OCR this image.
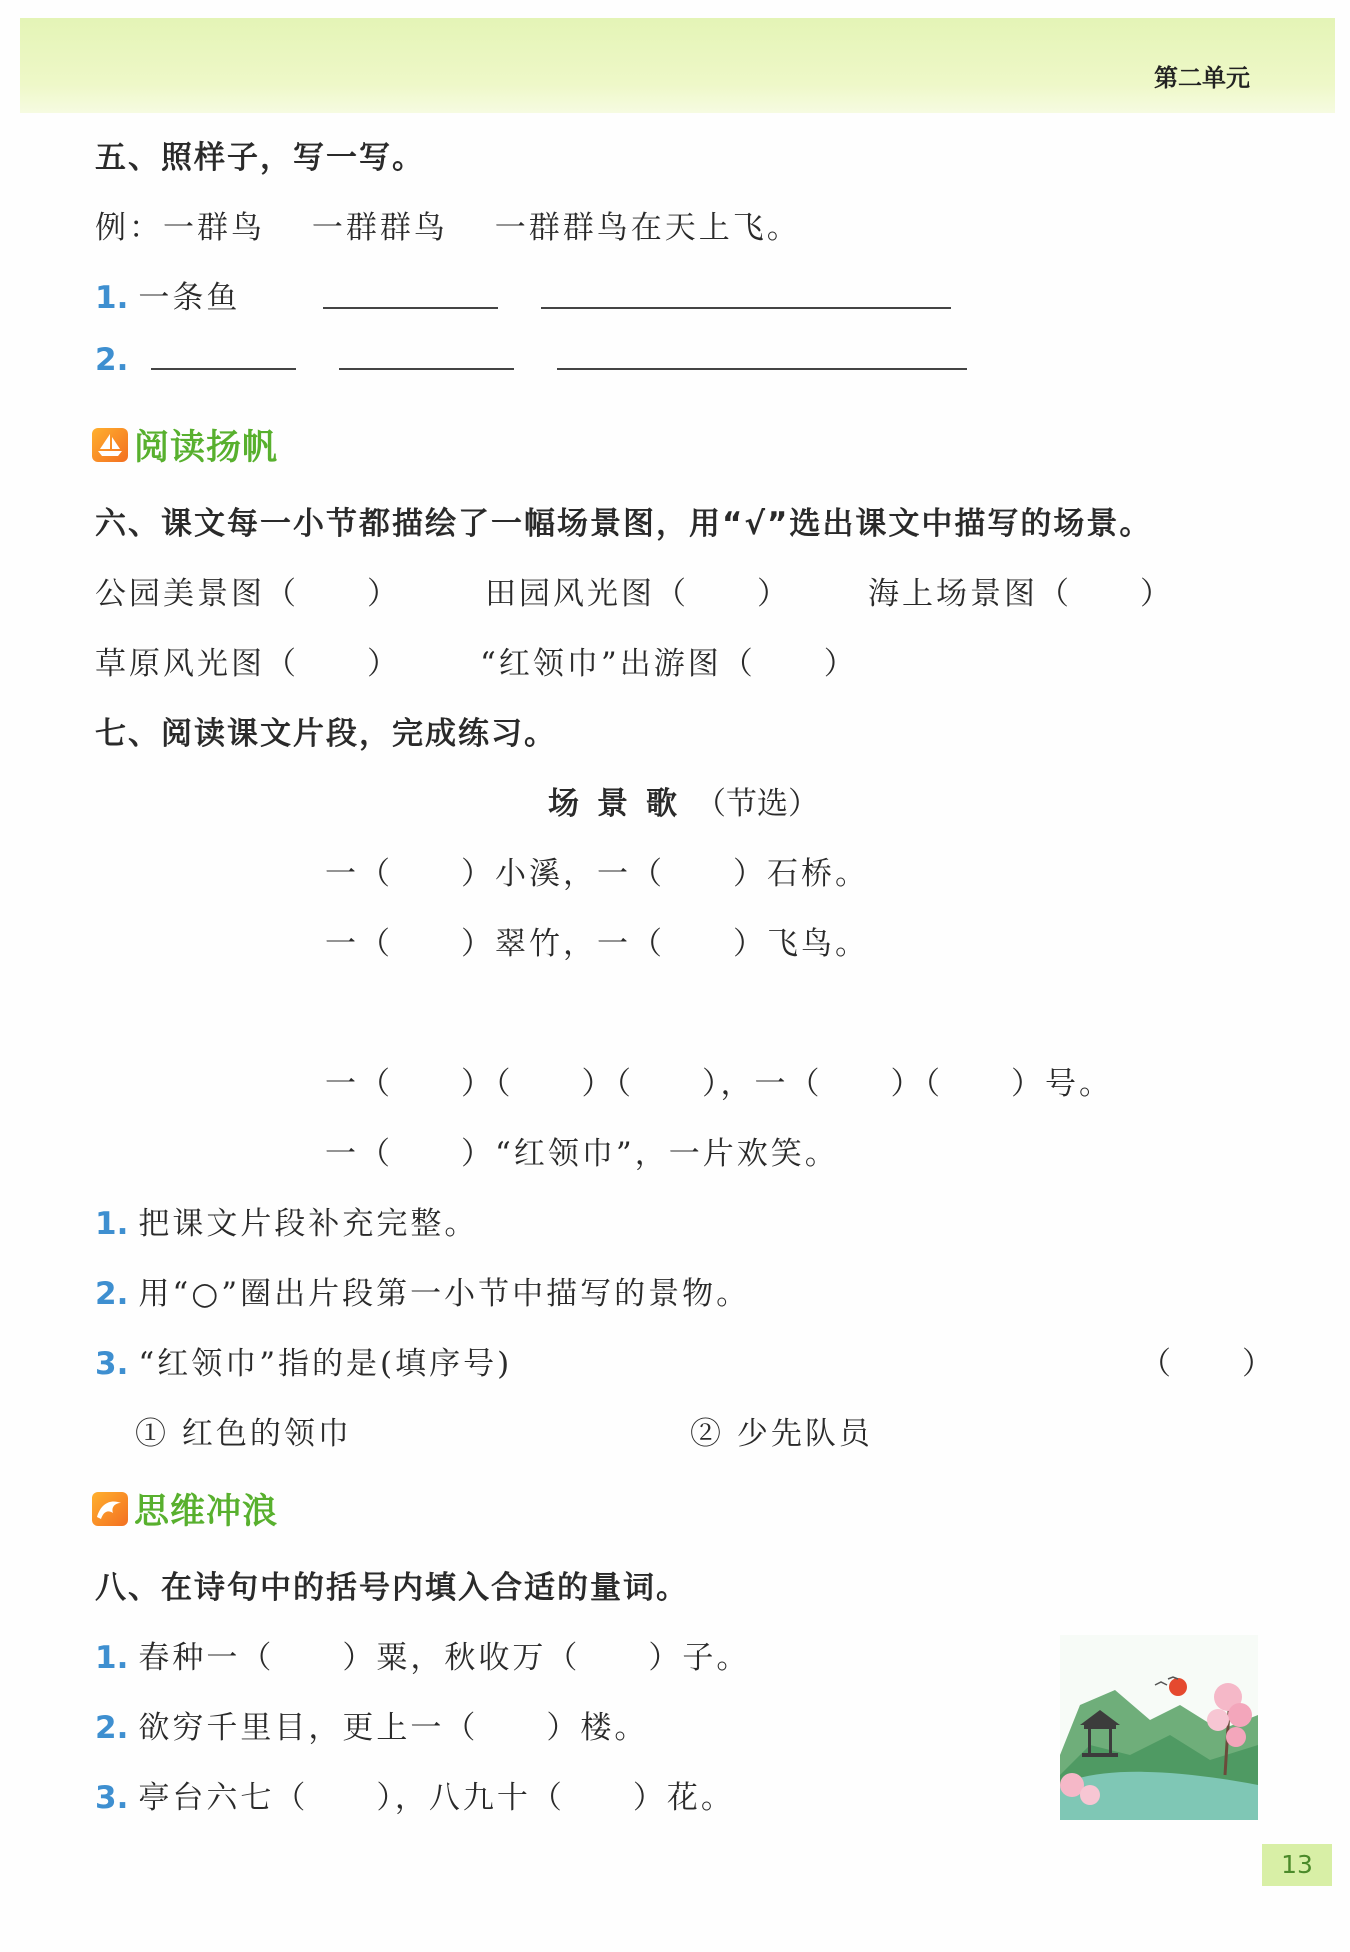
第二单元
五、照样子，写一写。
例：一群鸟　 一群群鸟　 一群群鸟在天上飞。
1. 一条鱼
2.
阅读扬帆
六、课文每一小节都描绘了一幅场景图，用“√”选出课文中描写的场景。
公园美景图（　　）	田园风光图（　　） 海上场景图（　　）
草原风光图（　　）	“红领巾”出游图（　　）
七、阅读课文片段，完成练习。
场景歌（节选）
一（　　）小溪，一（　　）石桥。
一（　　）翠竹，一（　　）飞鸟。
一（　　）（　　）（　　），一（　　）（　　）号。
一（　　）“红领巾”，一片欢笑。
1. 把课文片段补充完整。
2. 用“○”圈出片段第一小节中描写的景物。
3. “红领巾”指的是(填序号)	（　　）
① 红色的领巾	② 少先队员
思维冲浪
八、在诗句中的括号内填入合适的量词。
1. 春种一（　　）粟，秋收万（　　）子。
2. 欲穷千里目，更上一（　　）楼。
3. 亭台六七（　　），八九十（　　）花。
13
